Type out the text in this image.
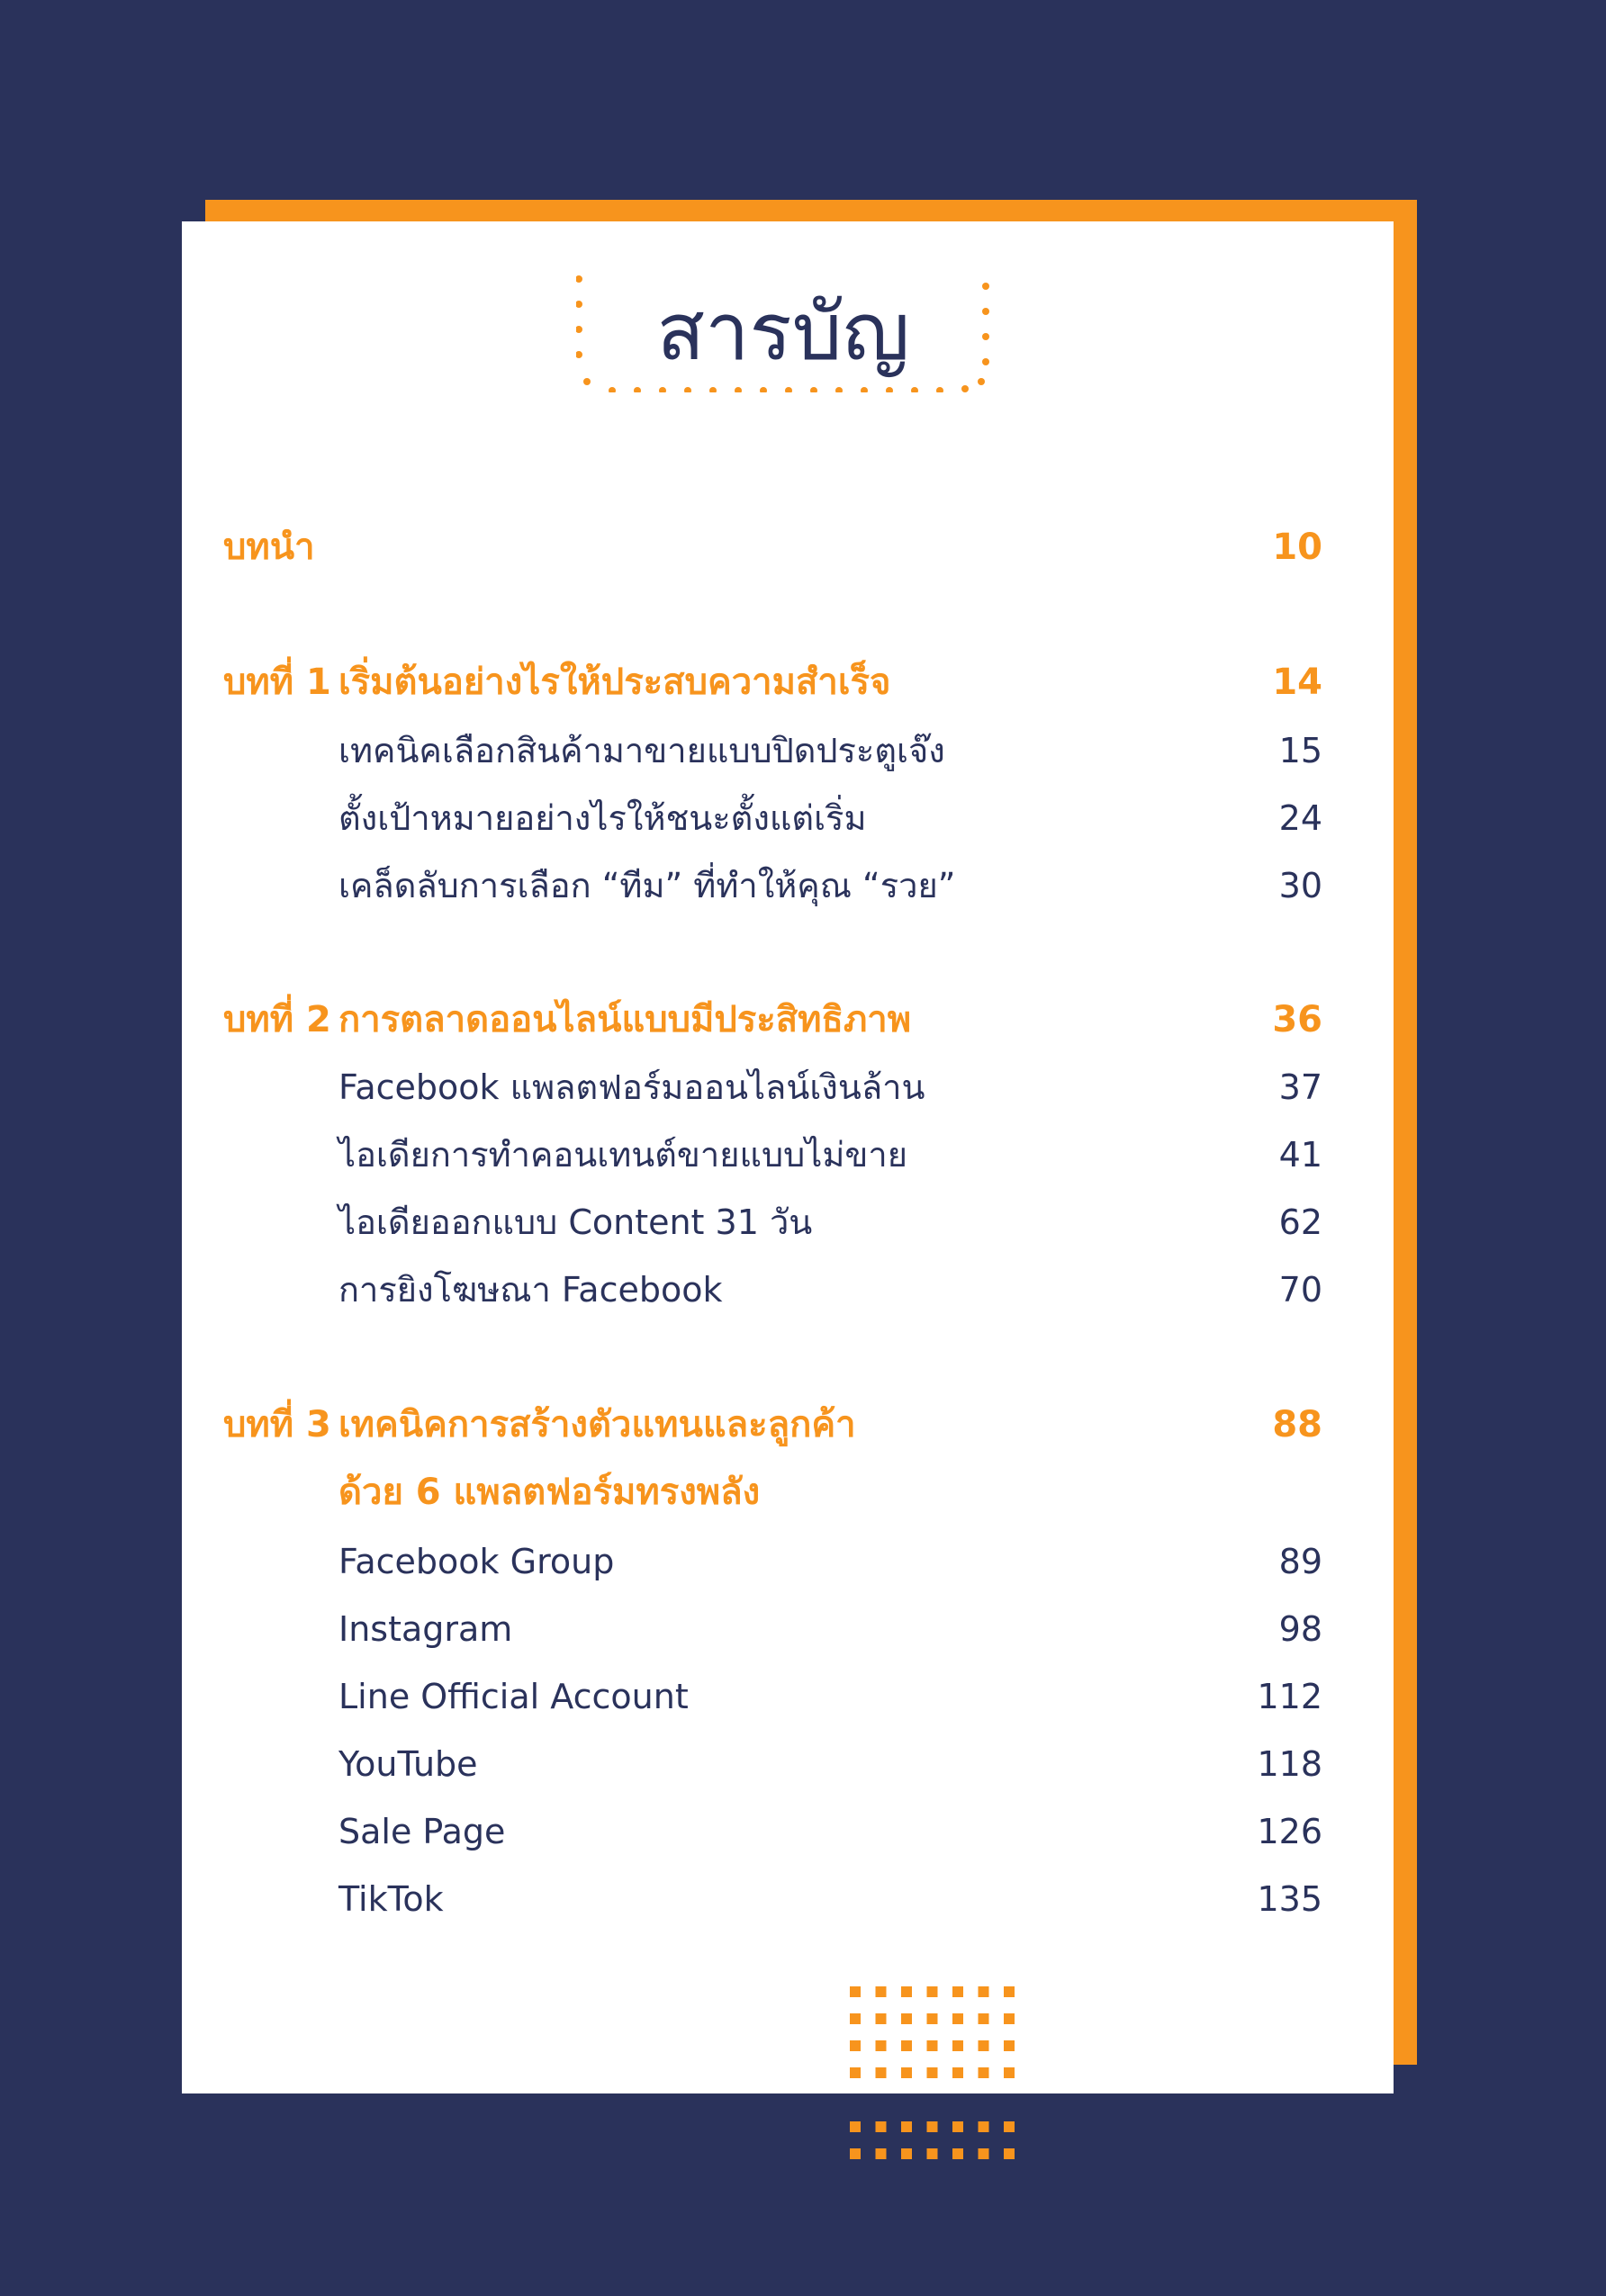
สารบัญ
บทนำ	10
บทที่ 1 เริ่มต้นอย่างไรให้ประสบความสำเร็จ	14
เทคนิคเลือกสินค้ามาขายแบบปิดประตูเจ๊ง	15
ตั้งเป้าหมายอย่างไรให้ชนะตั้งแต่เริ่ม	24
เคล็ดลับการเลือก “ทีม” ที่ทำให้คุณ “รวย”	30
บทที่ 2 การตลาดออนไลน์แบบมีประสิทธิภาพ	36
Facebook แพลตฟอร์มออนไลน์เงินล้าน	37
ไอเดียการทำคอนเทนต์ขายแบบไม่ขาย	41
ไอเดียออกแบบ Content 31 วัน	62
การยิงโฆษณา Facebook	70
บทที่ 3 เทคนิคการสร้างตัวแทนและลูกค้า	88
ด้วย 6 แพลตฟอร์มทรงพลัง
Facebook Group	89
Instagram	98
Line Official Account	112
YouTube	118
Sale Page	126
TikTok	135
